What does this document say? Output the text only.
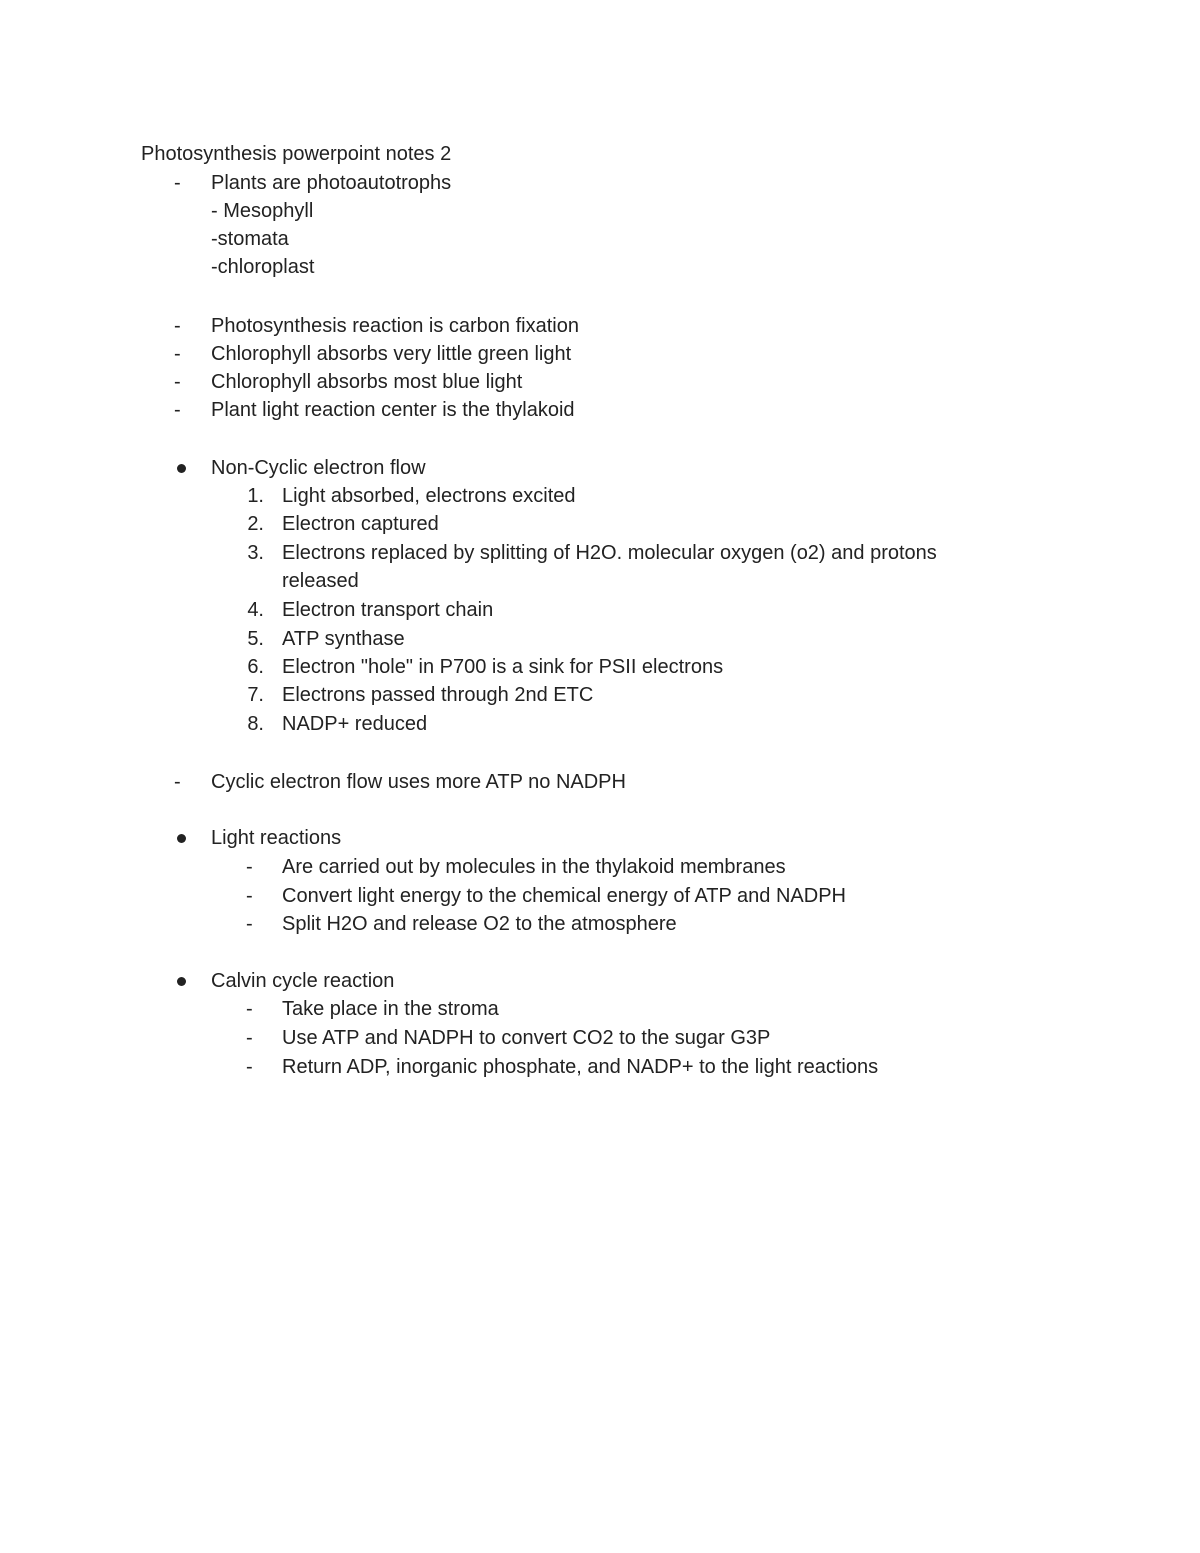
Photosynthesis powerpoint notes 2
- Plants are photoautotrophs
- Mesophyll
-stomata
-chloroplast
- Photosynthesis reaction is carbon fixation
- Chlorophyll absorbs very little green light
- Chlorophyll absorbs most blue light
- Plant light reaction center is the thylakoid
Non-Cyclic electron flow
1. Light absorbed, electrons excited
2. Electron captured
3. Electrons replaced by splitting of H2O. molecular oxygen (o2) and protons
released
4. Electron transport chain
5. ATP synthase
6. Electron "hole" in P700 is a sink for PSII electrons
7. Electrons passed through 2nd ETC
8. NADP+ reduced
- Cyclic electron flow uses more ATP no NADPH
Light reactions
- Are carried out by molecules in the thylakoid membranes
- Convert light energy to the chemical energy of ATP and NADPH
- Split H2O and release O2 to the atmosphere
Calvin cycle reaction
- Take place in the stroma
- Use ATP and NADPH to convert CO2 to the sugar G3P
- Return ADP, inorganic phosphate, and NADP+ to the light reactions
